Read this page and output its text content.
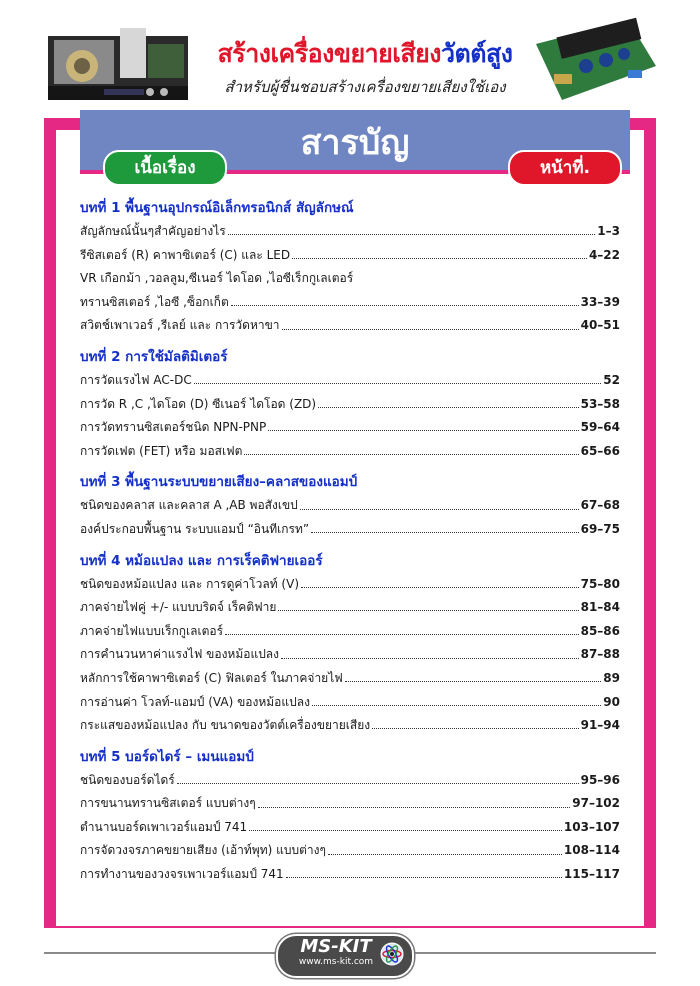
สร้างเครื่องขยายเสียงวัตต์สูง
สำหรับผู้ชื่นชอบสร้างเครื่องขยายเสียงใช้เอง
สารบัญ
เนื้อเรื่อง	หน้าที่.
บทที่ 1 พื้นฐานอุปกรณ์อิเล็กทรอนิกส์ สัญลักษณ์
สัญลักษณ์นั้นๆสำคัญอย่างไร	1–3
รีซิสเตอร์ (R) คาพาซิเตอร์ (C) และ LED	4–22
VR เกือกม้า ,วอลลูม,ซีเนอร์ ไดโอด ,ไอซีเร็กกูเลเตอร์
ทรานซิสเตอร์ ,ไอซี ,ซ็อกเก็ต	33–39
สวิตช์เพาเวอร์ ,รีเลย์ และ การวัดหาขา	40–51
บทที่ 2 การใช้มัลติมิเตอร์
การวัดแรงไฟ AC-DC	52
การวัด R ,C ,ไดโอด (D) ซีเนอร์ ไดโอด (ZD)	53–58
การวัดทรานซิสเตอร์ชนิด NPN-PNP	59–64
การวัดเฟต (FET) หรือ มอสเฟต	65–66
บทที่ 3 พื้นฐานระบบขยายเสียง–คลาสของแอมป์
ชนิดของคลาส และคลาส A ,AB พอสังเขป	67–68
องค์ประกอบพื้นฐาน ระบบแอมป์ “อินทีเกรท”	69–75
บทที่ 4 หม้อแปลง และ การเร็คติฟายเออร์
ชนิดของหม้อแปลง และ การดูค่าโวลท์ (V)	75–80
ภาคจ่ายไฟคู่ +/- แบบบริดจ์ เร็คติฟาย	81–84
ภาคจ่ายไฟแบบเร็กกูเลเตอร์	85–86
การคำนวนหาค่าแรงไฟ ของหม้อแปลง	87–88
หลักการใช้คาพาซิเตอร์ (C) ฟิลเตอร์ ในภาคจ่ายไฟ	89
การอ่านค่า โวลท์-แอมป์ (VA) ของหม้อแปลง	90
กระแสของหม้อแปลง กับ ขนาดของวัตต์เครื่องขยายเสียง	91–94
บทที่ 5 บอร์ดไดร์ – เมนแอมป์
ชนิดของบอร์ดไดร์	95–96
การขนานทรานซิสเตอร์ แบบต่างๆ	97–102
ตำนานบอร์ดเพาเวอร์แอมป์ 741	103–107
การจัดวงจรภาคขยายเสียง (เอ้าท์พุท) แบบต่างๆ	108–114
การทำงานของวงจรเพาเวอร์แอมป์ 741	115–117
MS-KIT
www.ms-kit.com
